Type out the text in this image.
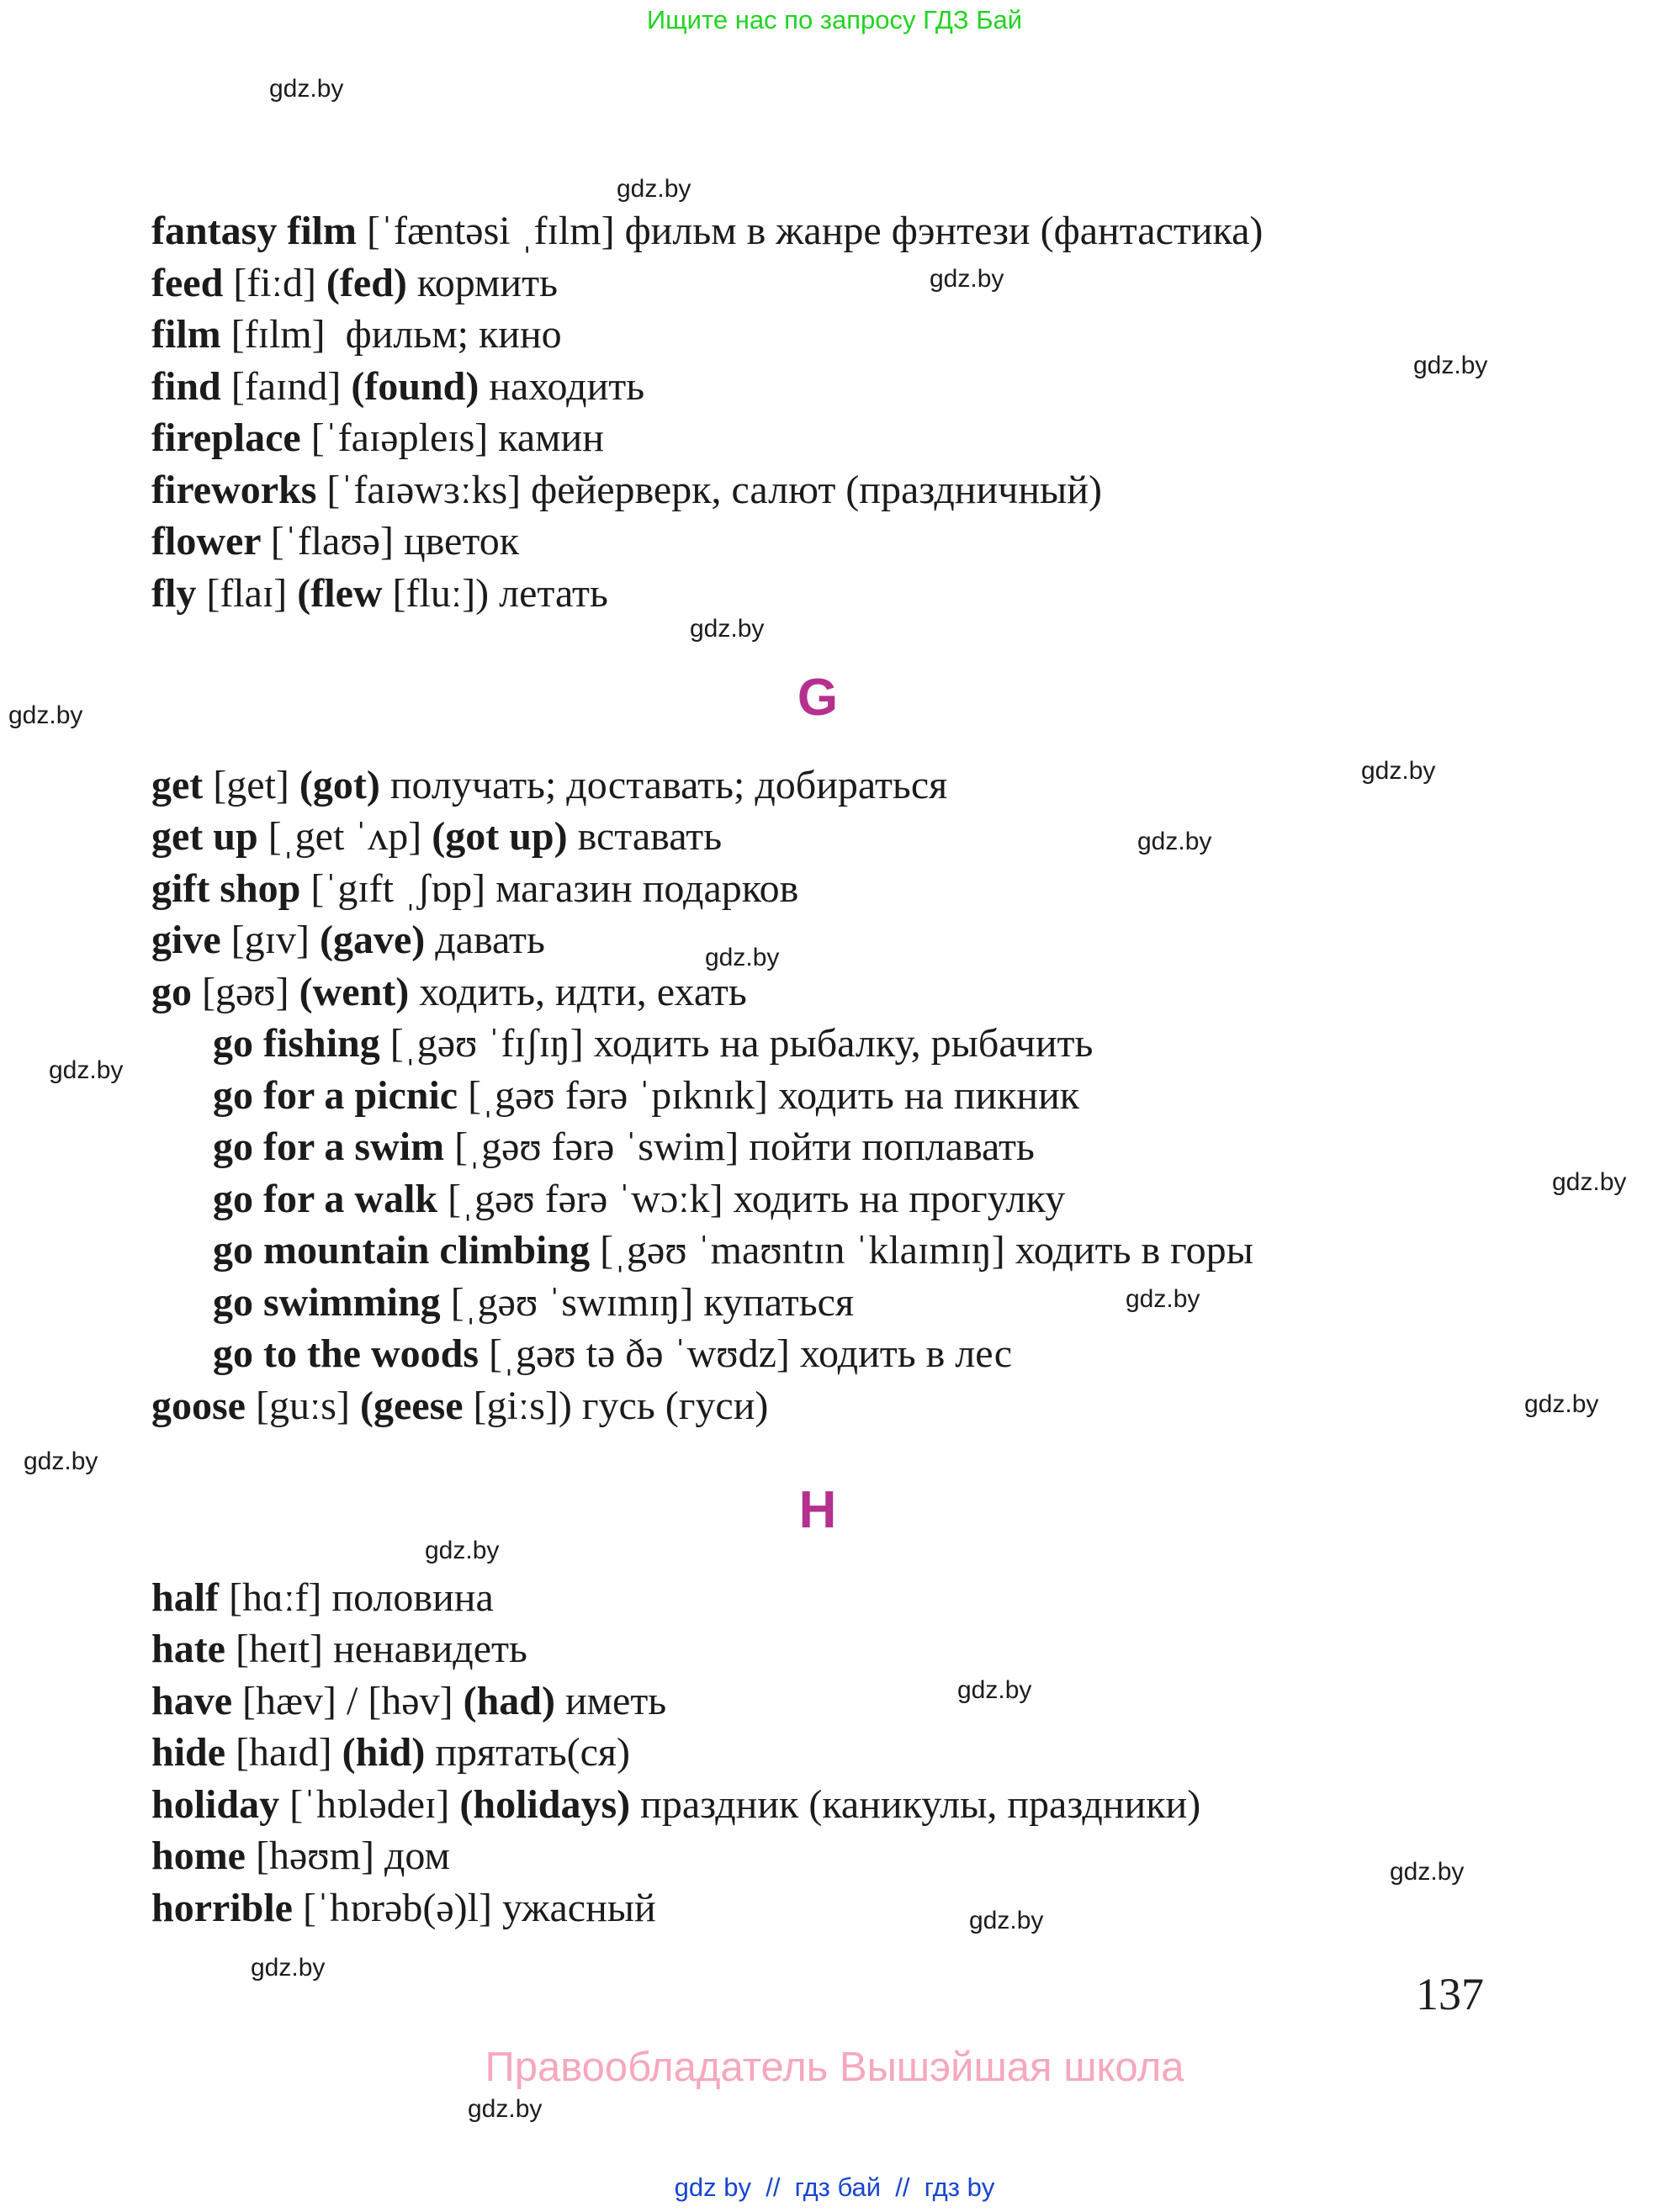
Ищите нас по запросу ГДЗ Бай
gdz.by
gdz.by
gdz.by
gdz.by
gdz.by
gdz.by
gdz.by
gdz.by
gdz.by
gdz.by
gdz.by
gdz.by
gdz.by
gdz.by
gdz.by
gdz.by
gdz.by
gdz.by
gdz.by
gdz.by
fantasy film [ˈfæntəsi ˌfɪlm] фильм в жанре фэнтези (фантастика)
feed [fiːd] (fed) кормить
film [fɪlm]  фильм; кино
find [faɪnd] (found) находить
fireplace [ˈfaɪəpleɪs] камин
fireworks [ˈfaɪəwɜːks] фейерверк, салют (праздничный)
flower [ˈflaʊə] цветок
fly [flaɪ] (flew [fluː]) летать
G
get [get] (got) получать; доставать; добираться
get up [ˌget ˈʌp] (got up) вставать
gift shop [ˈgɪft ˌʃɒp] магазин подарков
give [gɪv] (gave) давать
go [gəʊ] (went) ходить, идти, ехать
go fishing [ˌgəʊ ˈfɪʃɪŋ] ходить на рыбалку, рыбачить
go for a picnic [ˌgəʊ fərə ˈpɪknɪk] ходить на пикник
go for a swim [ˌgəʊ fərə ˈswim] пойти поплавать
go for a walk [ˌgəʊ fərə ˈwɔːk] ходить на прогулку
go mountain climbing [ˌgəʊ ˈmaʊntɪn ˈklaɪmɪŋ] ходить в горы
go swimming [ˌgəʊ ˈswɪmɪŋ] купаться
go to the woods [ˌgəʊ tə ðə ˈwʊdz] ходить в лес
goose [guːs] (geese [giːs]) гусь (гуси)
H
half [hɑːf] половина
hate [heɪt] ненавидеть
have [hæv] / [həv] (had) иметь
hide [haɪd] (hid) прятать(ся)
holiday [ˈhɒlədeɪ] (holidays) праздник (каникулы, праздники)
home [həʊm] дом
horrible [ˈhɒrəb(ə)l] ужасный
137
Правообладатель Вышэйшая школа
gdz by  //  гдз бай  //  гдз by
